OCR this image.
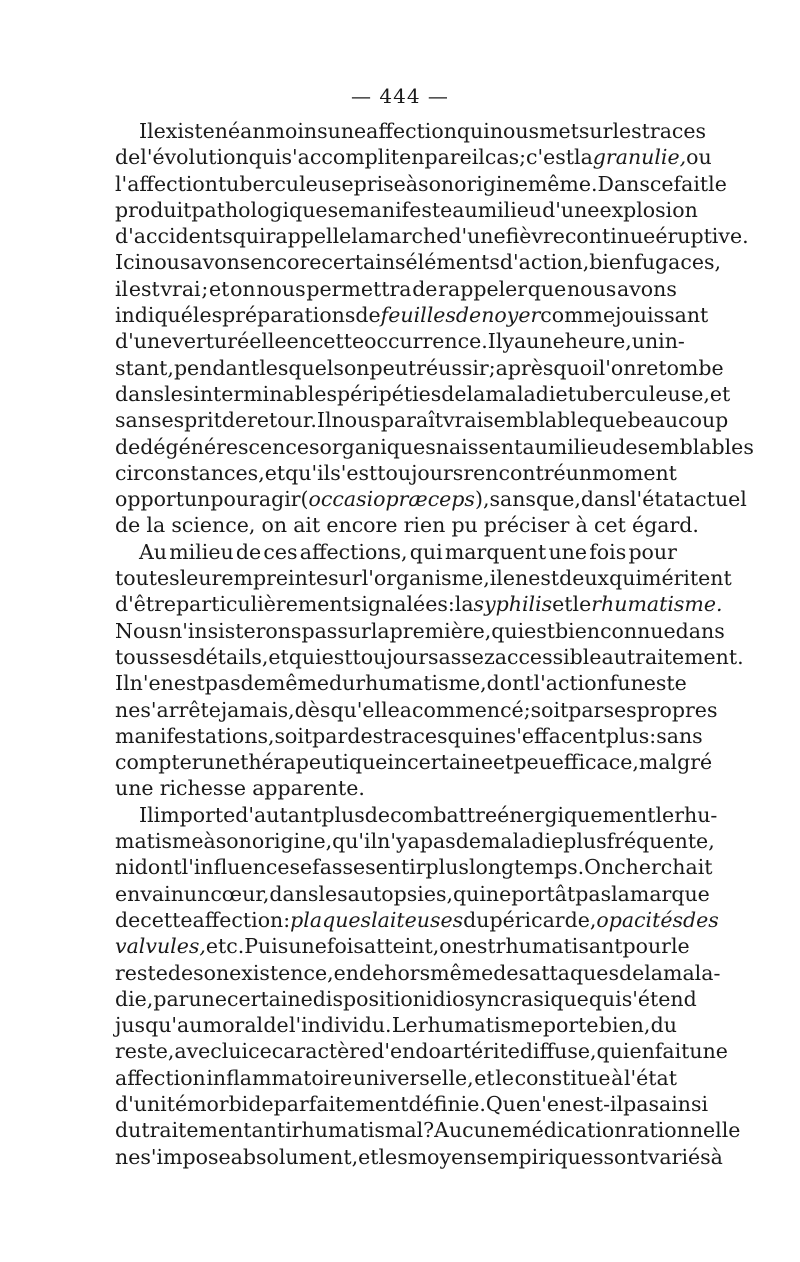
— 444 —
Il existe néanmoins une affection qui nous met sur les traces
de l'évolution qui s'accomplit en pareil cas; c'est la granulie, ou
l'affection tuberculeuse prise à son origine même. Dans ce fait le
produit pathologique se manifeste au milieu d'une explosion
d'accidents qui rappelle la marche d'une fièvre continue éruptive.
Ici nous avons encore certains éléments d'action, bien fugaces,
il est vrai ; et on nous permettra de rappeler que nous avons
indiqué les préparations de feuilles de noyer comme jouissant
d'une vertu réelle en cette occurrence. Il y a une heure, un in-
stant, pendant lesquels on peut réussir; après quoi l'on retombe
dans les interminables péripéties de la maladie tuberculeuse, et
sans esprit de retour. Il nous paraît vraisemblable que beaucoup
de dégénérescences organiques naissent au milieu de semblables
circonstances , et qu'il s'est toujours rencontré un moment
opportun pour agir (occasio præceps), sans que, dans l'état actuel
de la science, on ait encore rien pu préciser à cet égard.
Au milieu de ces affections, qui marquent une fois pour
toutes leur empreinte sur l'organisme, il en est deux qui méritent
d'être particulièrement signalées : la syphilis et le rhumatisme.
Nous n'insisterons pas sur la première, qui est bien connue dans
tous ses détails, et qui est toujours assez accessible au traitement.
Il n'en est pas de même du rhumatisme, dont l'action funeste
ne s'arrête jamais, dès qu'elle a commencé ; soit par ses propres
manifestations, soit par des traces qui ne s'effacent plus: sans
compter une thérapeutique incertaine et peu efficace, malgré
une richesse apparente.
Il importe d'autant plus de combattre énergiquement le rhu-
matisme à son origine, qu'il n'y a pas de maladie plus fréquente,
ni dont l'influence se fasse sentir plus longtemps. On cherchait
en vain un cœur, dans les autopsies, qui ne portât pas la marque
de cette affection : plaques laiteuses du péricarde, opacités des
valvules, etc. Puis une fois atteint, on est rhumatisant pour le
reste de son existence, en dehors même des attaques de la mala-
die, par une certaine disposition idiosyncrasique qui s'étend
jusqu'au moral de l'individu. Le rhumatisme porte bien, du
reste, avec lui ce caractère d'endoartérite diffuse, qui en fait une
affection inflammatoire universelle, et le constitue à l'état
d'unité morbide parfaitement définie. Que n'en est-il pas ainsi
du traitement antirhumatismal ? Aucune médication rationnelle
ne s'impose absolument, et les moyens empiriques sont variés à
